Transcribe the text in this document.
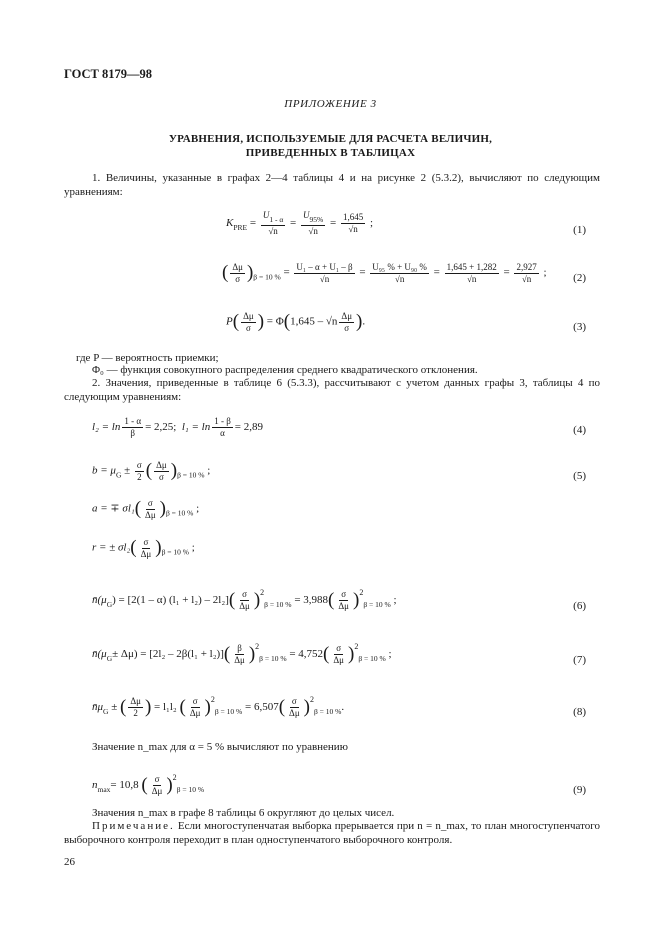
ГОСТ 8179—98
ПРИЛОЖЕНИЕ 3
УРАВНЕНИЯ, ИСПОЛЬЗУЕМЫЕ ДЛЯ РАСЧЕТА ВЕЛИЧИН,
ПРИВЕДЕННЫХ В ТАБЛИЦАХ
1. Величины, указанные в графах 2—4 таблицы 4 и на рисунке 2 (5.3.2), вычисляют по следующим уравнениям:
$K_{PRE} = \frac{U_{1 - \alpha}}{√n} = \frac{U_{95\%}}{√n} = \frac{1,645}{√n}$ ;
(1)
( $\frac{\Delta\mu}{\sigma} )_{\beta = 10 \%} = \frac{\text{U₁ – α + U₁ – β}}{√n} = \frac{\text{U₉₅ \% + U₉₀ \%}}{√n} = \frac{1,645 + 1,282}{√n} = \frac{2,927}{√n}$ ;	(2)
$P( \frac{\Delta\mu}{\sigma}$ ) = $\Phi(1,645 - √n \frac{\Delta\mu}{\sigma}$ ).	(3)
где P — вероятность приемки;
Φ₀ — функция совокупного распределения среднего квадратического отклонения.
2. Значения, приведенные в таблице 6 (5.3.3), рассчитывают с учетом данных графы 3, таблицы 4 по следующим уравнениям:
$l_2 = \ln \frac{1 - \alpha}{\beta} = 2,25$; $l_1 = \ln \frac{1 - \beta}{\alpha} = 2,89$	(4)
$b = \mu_G \pm \frac{\sigma}{2}$ ( $\frac{\Delta\mu}{\sigma} )_{\beta = 10 \%}$ ;	(5)
a = ∓ $\sigma l_1( \frac{\sigma}{\Delta\mu} )_{\beta = 10 \%}$ ;
r = ± $\sigma l_2( \frac{\sigma}{\Delta\mu} )_{\beta = 10 \%}$ ;
$n̄(\mu_G) = [2(1 - \alpha) (l_1 + l_2) - 2l_2]( \frac{\sigma}{\Delta\mu} )^2_{\beta = 10 \%} = 3,988( \frac{\sigma}{\Delta\mu} )^2_{\beta = 10 \%}$ ;	(6)
$n̄(\mu_G\pm \Delta\mu) = [2l_2 - 2\beta(l_1 + l_2)]( \frac{\beta}{\Delta\mu} )^2_{\beta = 10 \%} = 4,752( \frac{\sigma}{\Delta\mu} )^2_{\beta = 10 \%}$ ;	(7)
$n̄\mu_G$ ± ( $\frac{\Delta\mu}{2}$ ) = l₁l₂ ( $\frac{\sigma}{\Delta\mu} )^2_{\beta = 10 \%} = 6,507( \frac{\sigma}{\Delta\mu} )^2_{\beta = 10 \%}$.	(8)
Значение n_max для α = 5 % вычисляют по уравнению
$n_{max}= 10,8$ ( $\frac{\sigma}{\Delta\mu} )^2_{\beta = 10 \%}$	(9)
Значения n_max в графе 8 таблицы 6 округляют до целых чисел.
Примечание. Если многоступенчатая выборка прерывается при n = n_max, то план многоступенчатого выборочного контроля переходит в план одноступенчатого выборочного контроля.
26
